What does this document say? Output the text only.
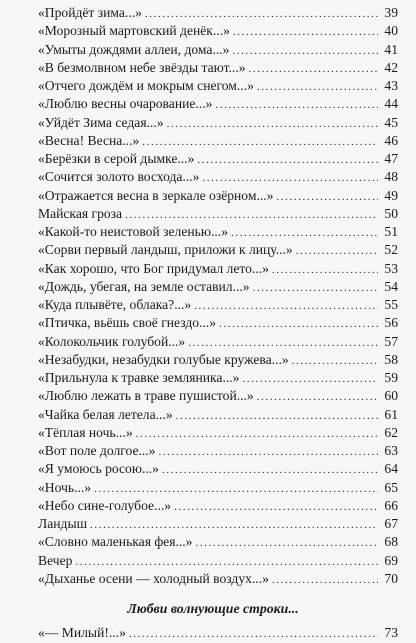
«Пройдёт зима...» .....	39
«Морозный мартовский денёк...» .....	40
«Умыты дождями аллеи, дома...» .....	41
«В безмолвном небе звёзды тают...» .....	42
«Отчего дождём и мокрым снегом...» .....	43
«Люблю весны очарование...» .....	44
«Уйдёт Зима седая...» .....	45
«Весна! Весна...» .....	46
«Берёзки в серой дымке...» .....	47
«Сочится золото восхода...» .....	48
«Отражается весна в зеркале озёрном...» .....	49
Майская гроза .....	50
«Какой-то неистовой зеленью...» .....	51
«Сорви первый ландыш, приложи к лицу...» .....	52
«Как хорошо, что Бог придумал лето...» .....	53
«Дождь, убегая, на земле оставил...» .....	54
«Куда плывёте, облака?...» .....	55
«Птичка, вьёшь своё гнездо...» .....	56
«Колокольчик голубой...» .....	57
«Незабудки, незабудки голубые кружева...» .....	58
«Прильнула к травке земляника...» .....	59
«Люблю лежать в траве пушистой...» .....	60
«Чайка белая летела...» .....	61
«Тёплая ночь...» .....	62
«Вот поле долгое...» .....	63
«Я умоюсь росою...» .....	64
«Ночь...» .....	65
«Небо сине-голубое...» .....	66
Ландыш .....	67
«Словно маленькая фея...» .....	68
Вечер .....	69
«Дыханье осени — холодный воздух...» .....	70
Любви волнующие строки...
«— Милый!...» .....	73
